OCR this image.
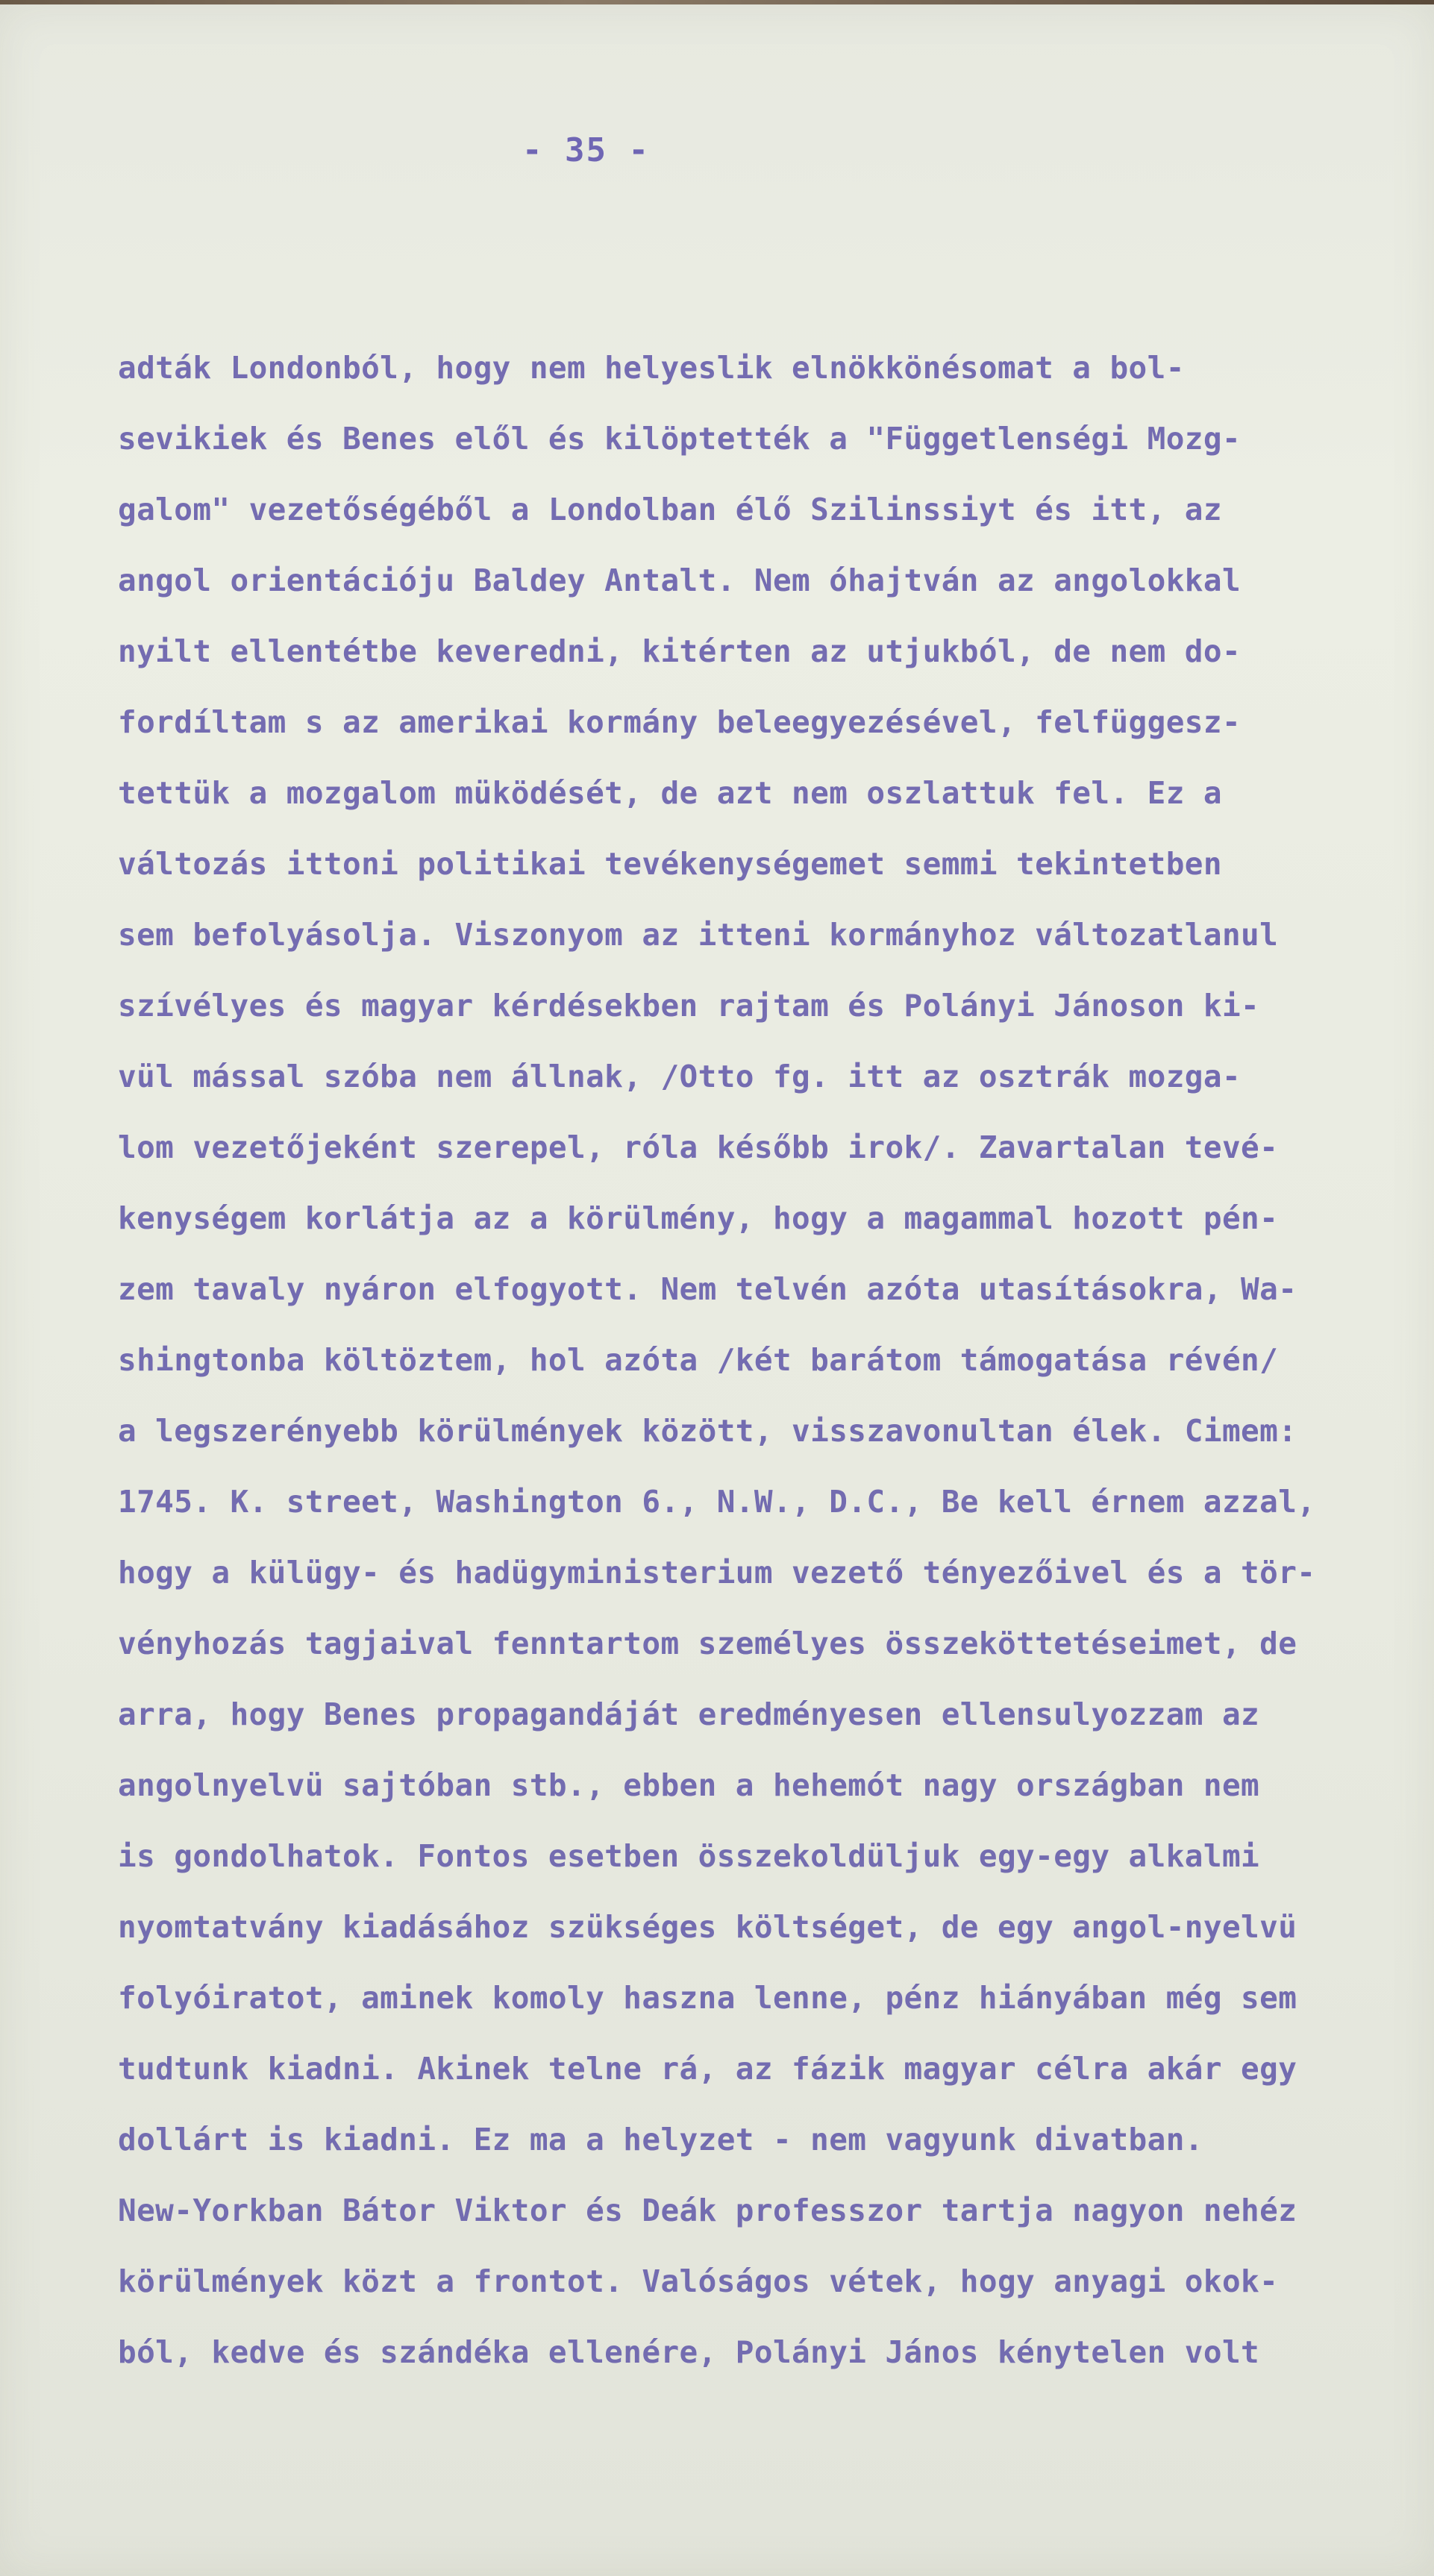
- 35 -
adták Londonból, hogy nem helyeslik elnökkönésomat a bol-
sevikiek és Benes elől és kilöptették a "Függetlenségi Mozg-
galom" vezetőségéből a Londolban élő Szilinssiyt és itt, az
angol orientációju Baldey Antalt. Nem óhajtván az angolokkal
nyilt ellentétbe keveredni, kitérten az utjukból, de nem do-
fordíltam s az amerikai kormány beleegyezésével, felfüggesz-
tettük a mozgalom müködését, de azt nem oszlattuk fel. Ez a
változás ittoni politikai tevékenységemet semmi tekintetben
sem befolyásolja. Viszonyom az itteni kormányhoz változatlanul
szívélyes és magyar kérdésekben rajtam és Polányi Jánoson ki-
vül mással szóba nem állnak, /Otto fg. itt az osztrák mozga-
lom vezetőjeként szerepel, róla később irok/. Zavartalan tevé-
kenységem korlátja az a körülmény, hogy a magammal hozott pén-
zem tavaly nyáron elfogyott. Nem telvén azóta utasításokra, Wa-
shingtonba költöztem, hol azóta /két barátom támogatása révén/
a legszerényebb körülmények között, visszavonultan élek. Cimem:
1745. K. street, Washington 6., N.W., D.C., Be kell érnem azzal,
hogy a külügy- és hadügyministerium vezető tényezőivel és a tör-
vényhozás tagjaival fenntartom személyes összeköttetéseimet, de
arra, hogy Benes propagandáját eredményesen ellensulyozzam az
angolnyelvü sajtóban stb., ebben a hehemót nagy országban nem
is gondolhatok. Fontos esetben összekoldüljuk egy-egy alkalmi
nyomtatvány kiadásához szükséges költséget, de egy angol-nyelvü
folyóiratot, aminek komoly haszna lenne, pénz hiányában még sem
tudtunk kiadni. Akinek telne rá, az fázik magyar célra akár egy
dollárt is kiadni. Ez ma a helyzet - nem vagyunk divatban.
New-Yorkban Bátor Viktor és Deák professzor tartja nagyon nehéz
körülmények közt a frontot. Valóságos vétek, hogy anyagi okok-
ból, kedve és szándéka ellenére, Polányi János kénytelen volt
